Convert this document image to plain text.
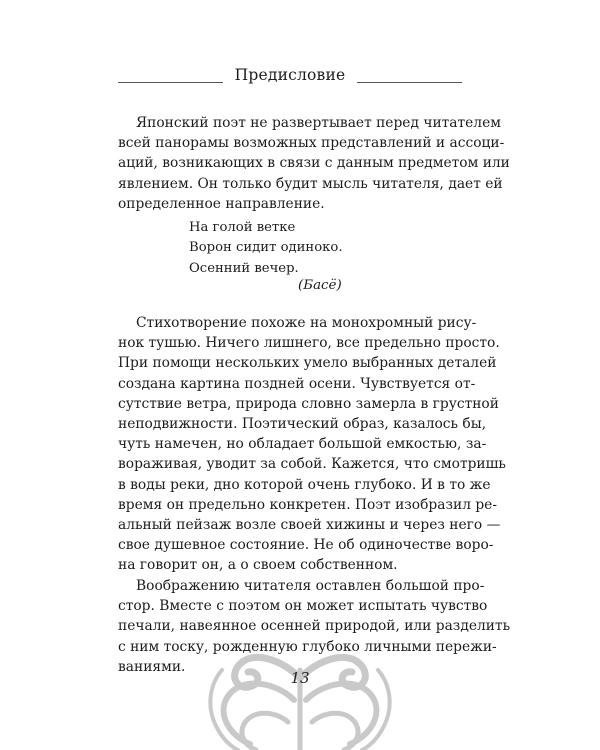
Предисловие
Японский поэт не развертывает перед читателем
всей панорамы возможных представлений и ассоци-
аций, возникающих в связи с данным предметом или
явлением. Он только будит мысль читателя, дает ей
определенное направление.
На голой ветке
Ворон сидит одиноко.
Осенний вечер.
(Басё)
Стихотворение похоже на монохромный рису-
нок тушью. Ничего лишнего, все предельно просто.
При помощи нескольких умело выбранных деталей
создана картина поздней осени. Чувствуется от-
сутствие ветра, природа словно замерла в грустной
неподвижности. Поэтический образ, казалось бы,
чуть намечен, но обладает большой емкостью, за-
вораживая, уводит за собой. Кажется, что смотришь
в воды реки, дно которой очень глубоко. И в то же
время он предельно конкретен. Поэт изобразил ре-
альный пейзаж возле своей хижины и через него —
свое душевное состояние. Не об одиночестве воро-
на говорит он, а о своем собственном.
Воображению читателя оставлен большой про-
стор. Вместе с поэтом он может испытать чувство
печали, навеянное осенней природой, или разделить
с ним тоску, рожденную глубоко личными пережи-
ваниями.
13
